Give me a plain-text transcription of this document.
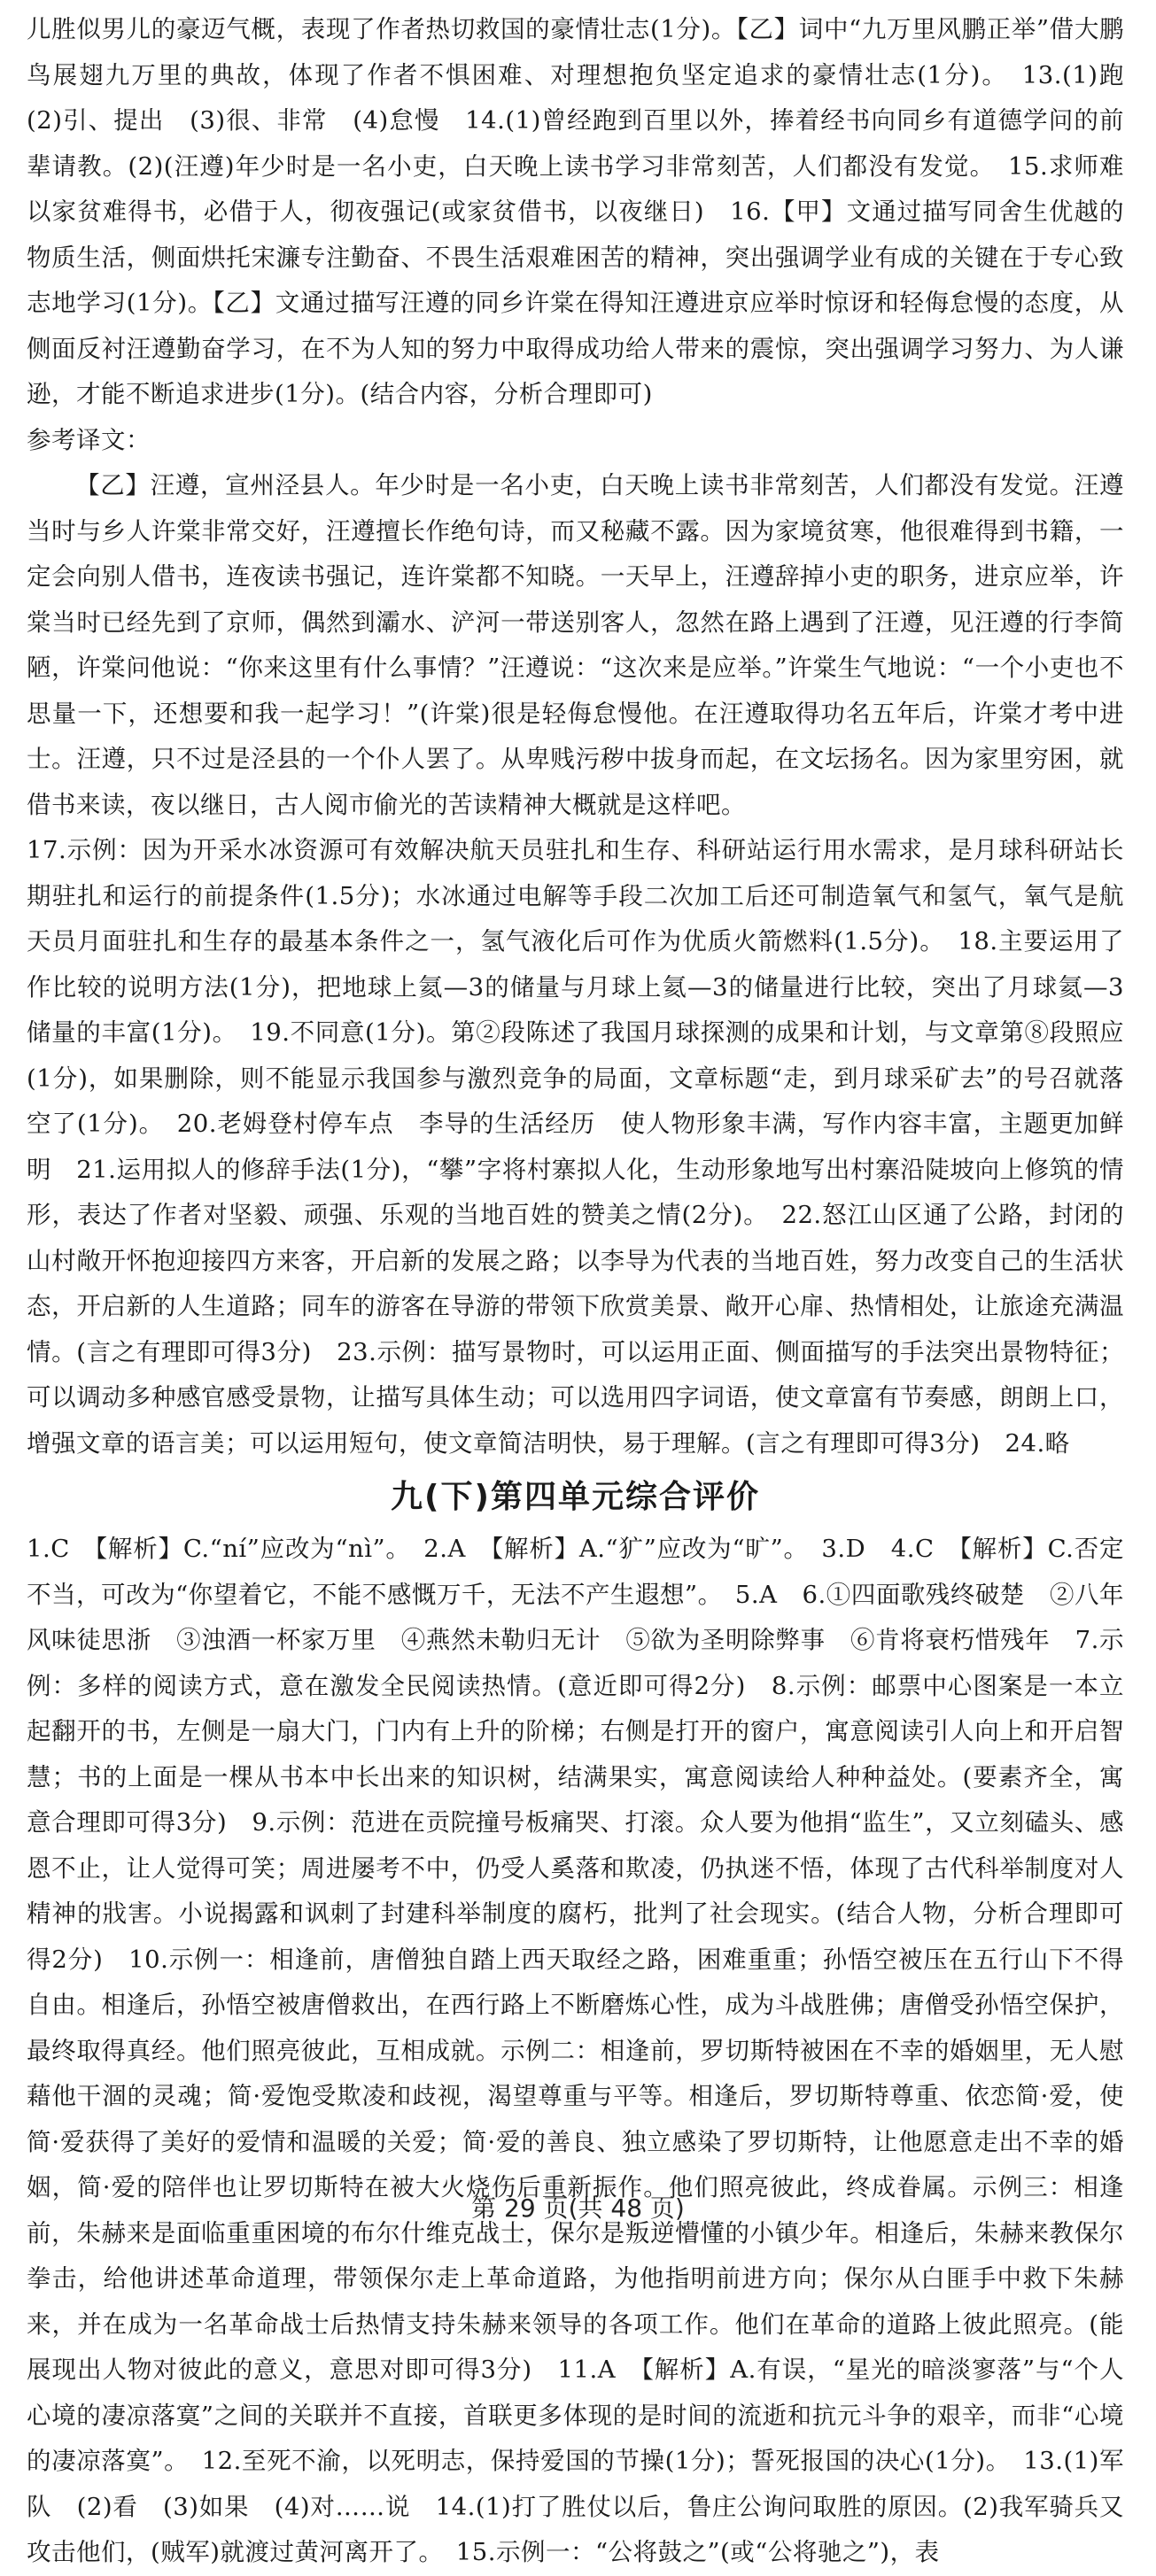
儿胜似男儿的豪迈气概，表现了作者热切救国的豪情壮志(1分)。【乙】词中“九万里风鹏正举”借大鹏鸟展翅九万里的典故，体现了作者不惧困难、对理想抱负坚定追求的豪情壮志(1分)。　13.(1)跑　(2)引、提出　(3)很、非常　(4)怠慢　14.(1)曾经跑到百里以外，捧着经书向同乡有道德学问的前辈请教。(2)(汪遵)年少时是一名小吏，白天晚上读书学习非常刻苦，人们都没有发觉。　15.求师难　以家贫难得书，必借于人，彻夜强记(或家贫借书，以夜继日)　16.【甲】文通过描写同舍生优越的物质生活，侧面烘托宋濂专注勤奋、不畏生活艰难困苦的精神，突出强调学业有成的关键在于专心致志地学习(1分)。【乙】文通过描写汪遵的同乡许棠在得知汪遵进京应举时惊讶和轻侮怠慢的态度，从侧面反衬汪遵勤奋学习，在不为人知的努力中取得成功给人带来的震惊，突出强调学习努力、为人谦逊，才能不断追求进步(1分)。(结合内容，分析合理即可)

参考译文：

【乙】汪遵，宣州泾县人。年少时是一名小吏，白天晚上读书非常刻苦，人们都没有发觉。汪遵当时与乡人许棠非常交好，汪遵擅长作绝句诗，而又秘藏不露。因为家境贫寒，他很难得到书籍，一定会向别人借书，连夜读书强记，连许棠都不知晓。一天早上，汪遵辞掉小吏的职务，进京应举，许棠当时已经先到了京师，偶然到灞水、浐河一带送别客人，忽然在路上遇到了汪遵，见汪遵的行李简陋，许棠问他说：“你来这里有什么事情？”汪遵说：“这次来是应举。”许棠生气地说：“一个小吏也不思量一下，还想要和我一起学习！”(许棠)很是轻侮怠慢他。在汪遵取得功名五年后，许棠才考中进士。汪遵，只不过是泾县的一个仆人罢了。从卑贱污秽中拔身而起，在文坛扬名。因为家里穷困，就借书来读，夜以继日，古人阅市偷光的苦读精神大概就是这样吧。

17.示例：因为开采水冰资源可有效解决航天员驻扎和生存、科研站运行用水需求，是月球科研站长期驻扎和运行的前提条件(1.5分)；水冰通过电解等手段二次加工后还可制造氧气和氢气，氧气是航天员月面驻扎和生存的最基本条件之一，氢气液化后可作为优质火箭燃料(1.5分)。　18.主要运用了作比较的说明方法(1分)，把地球上氦—3的储量与月球上氦—3的储量进行比较，突出了月球氦—3储量的丰富(1分)。　19.不同意(1分)。第②段陈述了我国月球探测的成果和计划，与文章第⑧段照应(1分)，如果删除，则不能显示我国参与激烈竞争的局面，文章标题“走，到月球采矿去”的号召就落空了(1分)。　20.老姆登村停车点　李导的生活经历　使人物形象丰满，写作内容丰富，主题更加鲜明　21.运用拟人的修辞手法(1分)，“攀”字将村寨拟人化，生动形象地写出村寨沿陡坡向上修筑的情形，表达了作者对坚毅、顽强、乐观的当地百姓的赞美之情(2分)。　22.怒江山区通了公路，封闭的山村敞开怀抱迎接四方来客，开启新的发展之路；以李导为代表的当地百姓，努力改变自己的生活状态，开启新的人生道路；同车的游客在导游的带领下欣赏美景、敞开心扉、热情相处，让旅途充满温情。(言之有理即可得3分)　23.示例：描写景物时，可以运用正面、侧面描写的手法突出景物特征；可以调动多种感官感受景物，让描写具体生动；可以选用四字词语，使文章富有节奏感，朗朗上口，增强文章的语言美；可以运用短句，使文章简洁明快，易于理解。(言之有理即可得3分)　24.略

九(下)第四单元综合评价

1.C　【解析】C.“ní”应改为“nì”。　2.A　【解析】A.“犷”应改为“旷”。　3.D　4.C　【解析】C.否定不当，可改为“你望着它，不能不感慨万千，无法不产生遐想”。　5.A　6.①四面歌残终破楚　②八年风味徒思浙　③浊酒一杯家万里　④燕然未勒归无计　⑤欲为圣明除弊事　⑥肯将衰朽惜残年　7.示例：多样的阅读方式，意在激发全民阅读热情。(意近即可得2分)　8.示例：邮票中心图案是一本立起翻开的书，左侧是一扇大门，门内有上升的阶梯；右侧是打开的窗户，寓意阅读引人向上和开启智慧；书的上面是一棵从书本中长出来的知识树，结满果实，寓意阅读给人种种益处。(要素齐全，寓意合理即可得3分)　9.示例：范进在贡院撞号板痛哭、打滚。众人要为他捐“监生”，又立刻磕头、感恩不止，让人觉得可笑；周进屡考不中，仍受人奚落和欺凌，仍执迷不悟，体现了古代科举制度对人精神的戕害。小说揭露和讽刺了封建科举制度的腐朽，批判了社会现实。(结合人物，分析合理即可得2分)　10.示例一：相逢前，唐僧独自踏上西天取经之路，困难重重；孙悟空被压在五行山下不得自由。相逢后，孙悟空被唐僧救出，在西行路上不断磨炼心性，成为斗战胜佛；唐僧受孙悟空保护，最终取得真经。他们照亮彼此，互相成就。示例二：相逢前，罗切斯特被困在不幸的婚姻里，无人慰藉他干涸的灵魂；简·爱饱受欺凌和歧视，渴望尊重与平等。相逢后，罗切斯特尊重、依恋简·爱，使简·爱获得了美好的爱情和温暖的关爱；简·爱的善良、独立感染了罗切斯特，让他愿意走出不幸的婚姻，简·爱的陪伴也让罗切斯特在被大火烧伤后重新振作。他们照亮彼此，终成眷属。示例三：相逢前，朱赫来是面临重重困境的布尔什维克战士，保尔是叛逆懵懂的小镇少年。相逢后，朱赫来教保尔拳击，给他讲述革命道理，带领保尔走上革命道路，为他指明前进方向；保尔从白匪手中救下朱赫来，并在成为一名革命战士后热情支持朱赫来领导的各项工作。他们在革命的道路上彼此照亮。(能展现出人物对彼此的意义，意思对即可得3分)　11.A　【解析】A.有误，“星光的暗淡寥落”与“个人心境的凄凉落寞”之间的关联并不直接，首联更多体现的是时间的流逝和抗元斗争的艰辛，而非“心境的凄凉落寞”。　12.至死不渝，以死明志，保持爱国的节操(1分)；誓死报国的决心(1分)。　13.(1)军队　(2)看　(3)如果　(4)对……说　14.(1)打了胜仗以后，鲁庄公询问取胜的原因。(2)我军骑兵又攻击他们，(贼军)就渡过黄河离开了。　15.示例一：“公将鼓之”(或“公将驰之”)，表

第 29 页(共 48 页)
